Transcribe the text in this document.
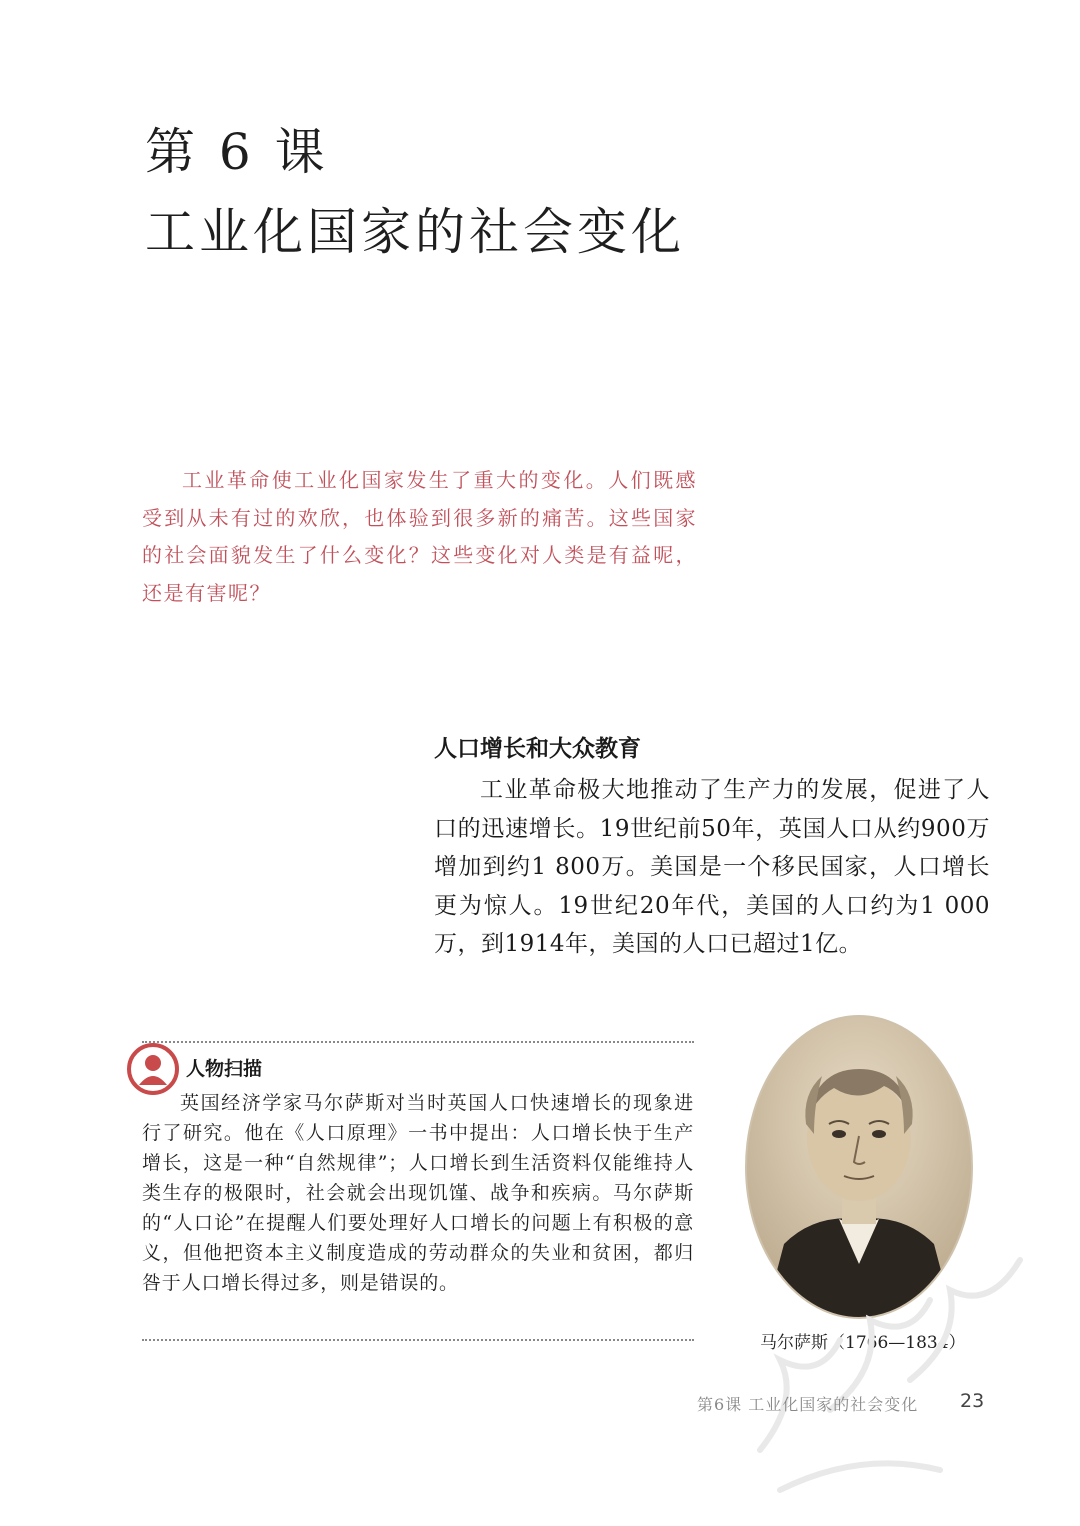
第 6 课
工业化国家的社会变化
工业革命使工业化国家发生了重大的变化。人们既感受到从未有过的欢欣，也体验到很多新的痛苦。这些国家的社会面貌发生了什么变化？这些变化对人类是有益呢，还是有害呢？
人口增长和大众教育
工业革命极大地推动了生产力的发展，促进了人口的迅速增长。19世纪前50年，英国人口从约900万增加到约1 800万。美国是一个移民国家，人口增长更为惊人。19世纪20年代，美国的人口约为1 000万，到1914年，美国的人口已超过1亿。
人物扫描
英国经济学家马尔萨斯对当时英国人口快速增长的现象进行了研究。他在《人口原理》一书中提出：人口增长快于生产增长，这是一种“自然规律”；人口增长到生活资料仅能维持人类生存的极限时，社会就会出现饥馑、战争和疾病。马尔萨斯的“人口论”在提醒人们要处理好人口增长的问题上有积极的意义，但他把资本主义制度造成的劳动群众的失业和贫困，都归咎于人口增长得过多，则是错误的。
马尔萨斯（1766—1834）
第6课 工业化国家的社会变化 23
